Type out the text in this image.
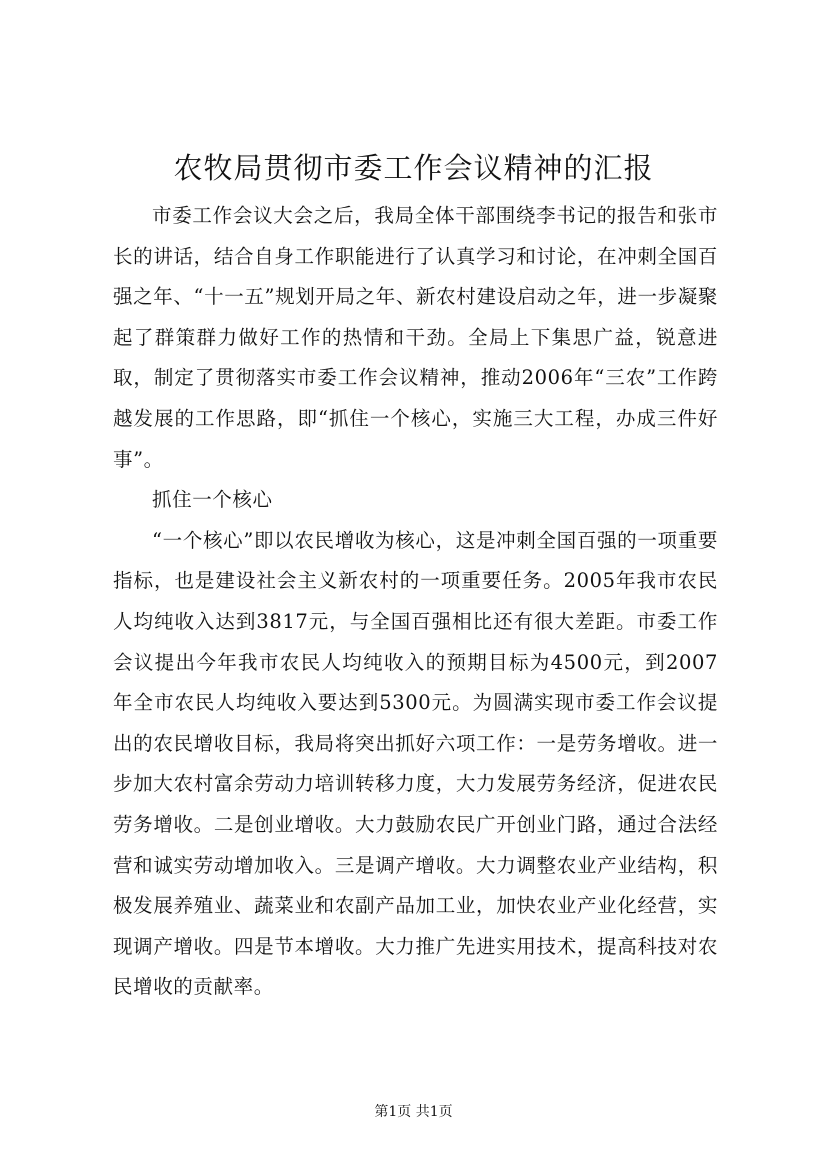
农牧局贯彻市委工作会议精神的汇报

市委工作会议大会之后，我局全体干部围绕李书记的报告和张市长的讲话，结合自身工作职能进行了认真学习和讨论，在冲刺全国百强之年、“十一五”规划开局之年、新农村建设启动之年，进一步凝聚起了群策群力做好工作的热情和干劲。全局上下集思广益，锐意进取，制定了贯彻落实市委工作会议精神，推动2006年“三农”工作跨越发展的工作思路，即“抓住一个核心，实施三大工程，办成三件好事”。

抓住一个核心

“一个核心”即以农民增收为核心，这是冲刺全国百强的一项重要指标，也是建设社会主义新农村的一项重要任务。2005年我市农民人均纯收入达到3817元，与全国百强相比还有很大差距。市委工作会议提出今年我市农民人均纯收入的预期目标为4500元，到2007年全市农民人均纯收入要达到5300元。为圆满实现市委工作会议提出的农民增收目标，我局将突出抓好六项工作：一是劳务增收。进一步加大农村富余劳动力培训转移力度，大力发展劳务经济，促进农民劳务增收。二是创业增收。大力鼓励农民广开创业门路，通过合法经营和诚实劳动增加收入。三是调产增收。大力调整农业产业结构，积极发展养殖业、蔬菜业和农副产品加工业，加快农业产业化经营，实现调产增收。四是节本增收。大力推广先进实用技术，提高科技对农民增收的贡献率。

第1页 共1页
